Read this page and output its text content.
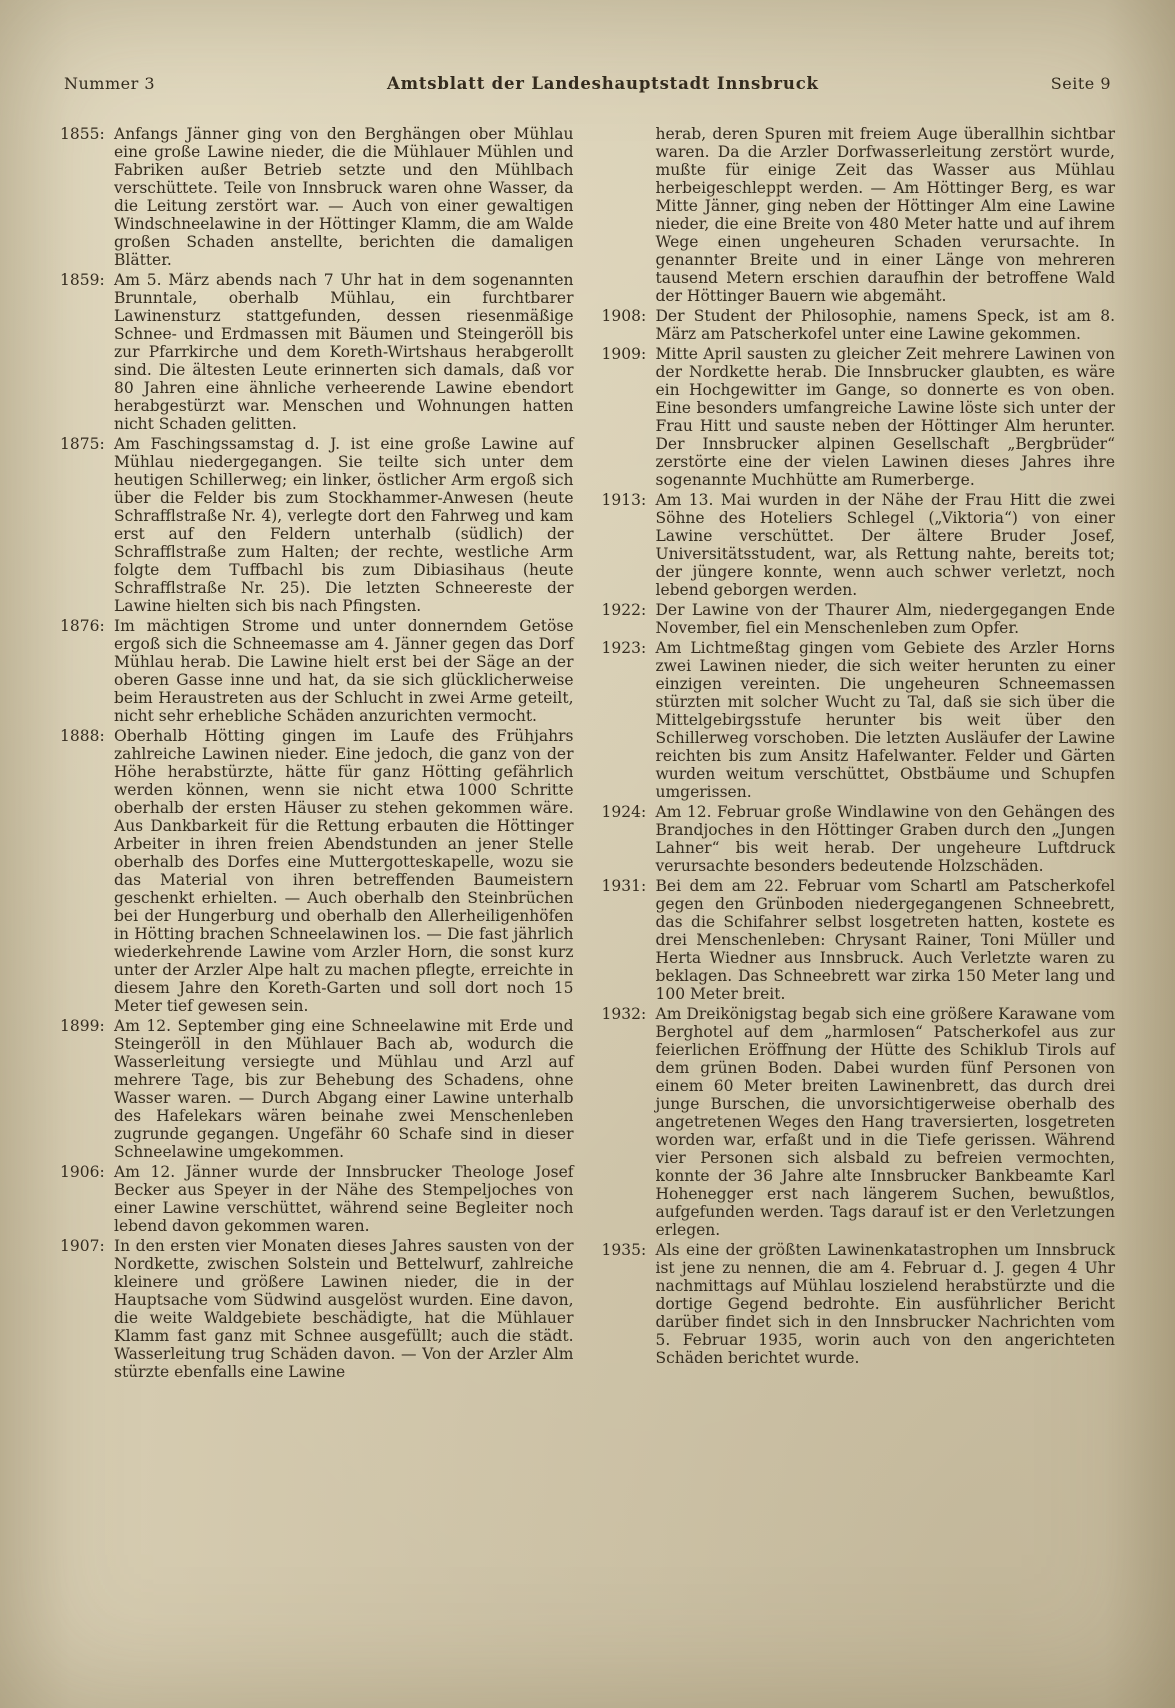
Nummer 3	Amtsblatt der Landeshauptstadt Innsbruck	Seite 9
1855: Anfangs Jänner ging von den Berghängen ober Mühlau eine große Lawine nieder, die die Mühlauer Mühlen und Fabriken außer Betrieb setzte und den Mühlbach verschüttete. Teile von Innsbruck waren ohne Wasser, da die Leitung zerstört war. — Auch von einer gewaltigen Windschneelawine in der Höttinger Klamm, die am Walde großen Schaden anstellte, berichten die damaligen Blätter.
1859: Am 5. März abends nach 7 Uhr hat in dem sogenannten Brunntale, oberhalb Mühlau, ein furchtbarer Lawinensturz stattgefunden, dessen riesenmäßige Schnee- und Erdmassen mit Bäumen und Steingeröll bis zur Pfarrkirche und dem Koreth-Wirtshaus herabgerollt sind. Die ältesten Leute erinnerten sich damals, daß vor 80 Jahren eine ähnliche verheerende Lawine ebendort herabgestürzt war. Menschen und Wohnungen hatten nicht Schaden gelitten.
1875: Am Faschingssamstag d. J. ist eine große Lawine auf Mühlau niedergegangen. Sie teilte sich unter dem heutigen Schillerweg; ein linker, östlicher Arm ergoß sich über die Felder bis zum Stockhammer-Anwesen (heute Schrafflstraße Nr. 4), verlegte dort den Fahrweg und kam erst auf den Feldern unterhalb (südlich) der Schrafflstraße zum Halten; der rechte, westliche Arm folgte dem Tuffbachl bis zum Dibiasihaus (heute Schrafflstraße Nr. 25). Die letzten Schneereste der Lawine hielten sich bis nach Pfingsten.
1876: Im mächtigen Strome und unter donnerndem Getöse ergoß sich die Schneemasse am 4. Jänner gegen das Dorf Mühlau herab. Die Lawine hielt erst bei der Säge an der oberen Gasse inne und hat, da sie sich glücklicherweise beim Heraustreten aus der Schlucht in zwei Arme geteilt, nicht sehr erhebliche Schäden anzurichten vermocht.
1888: Oberhalb Hötting gingen im Laufe des Frühjahrs zahlreiche Lawinen nieder. Eine jedoch, die ganz von der Höhe herabstürzte, hätte für ganz Hötting gefährlich werden können, wenn sie nicht etwa 1000 Schritte oberhalb der ersten Häuser zu stehen gekommen wäre. Aus Dankbarkeit für die Rettung erbauten die Höttinger Arbeiter in ihren freien Abendstunden an jener Stelle oberhalb des Dorfes eine Muttergotteskapelle, wozu sie das Material von ihren betreffenden Baumeistern geschenkt erhielten. — Auch oberhalb den Steinbrüchen bei der Hungerburg und oberhalb den Allerheiligenhöfen in Hötting brachen Schneelawinen los. — Die fast jährlich wiederkehrende Lawine vom Arzler Horn, die sonst kurz unter der Arzler Alpe halt zu machen pflegte, erreichte in diesem Jahre den Koreth-Garten und soll dort noch 15 Meter tief gewesen sein.
1899: Am 12. September ging eine Schneelawine mit Erde und Steingeröll in den Mühlauer Bach ab, wodurch die Wasserleitung versiegte und Mühlau und Arzl auf mehrere Tage, bis zur Behebung des Schadens, ohne Wasser waren. — Durch Abgang einer Lawine unterhalb des Hafelekars wären beinahe zwei Menschenleben zugrunde gegangen. Ungefähr 60 Schafe sind in dieser Schneelawine umgekommen.
1906: Am 12. Jänner wurde der Innsbrucker Theologe Josef Becker aus Speyer in der Nähe des Stempeljoches von einer Lawine verschüttet, während seine Begleiter noch lebend davon gekommen waren.
1907: In den ersten vier Monaten dieses Jahres sausten von der Nordkette, zwischen Solstein und Bettelwurf, zahlreiche kleinere und größere Lawinen nieder, die in der Hauptsache vom Südwind ausgelöst wurden. Eine davon, die weite Waldgebiete beschädigte, hat die Mühlauer Klamm fast ganz mit Schnee ausgefüllt; auch die städt. Wasserleitung trug Schäden davon. — Von der Arzler Alm stürzte ebenfalls eine Lawine
herab, deren Spuren mit freiem Auge überallhin sichtbar waren. Da die Arzler Dorfwasserleitung zerstört wurde, mußte für einige Zeit das Wasser aus Mühlau herbeigeschleppt werden. — Am Höttinger Berg, es war Mitte Jänner, ging neben der Höttinger Alm eine Lawine nieder, die eine Breite von 480 Meter hatte und auf ihrem Wege einen ungeheuren Schaden verursachte. In genannter Breite und in einer Länge von mehreren tausend Metern erschien daraufhin der betroffene Wald der Höttinger Bauern wie abgemäht.
1908: Der Student der Philosophie, namens Speck, ist am 8. März am Patscherkofel unter eine Lawine gekommen.
1909: Mitte April sausten zu gleicher Zeit mehrere Lawinen von der Nordkette herab. Die Innsbrucker glaubten, es wäre ein Hochgewitter im Gange, so donnerte es von oben. Eine besonders umfangreiche Lawine löste sich unter der Frau Hitt und sauste neben der Höttinger Alm herunter. Der Innsbrucker alpinen Gesellschaft „Bergbrüder“ zerstörte eine der vielen Lawinen dieses Jahres ihre sogenannte Muchhütte am Rumerberge.
1913: Am 13. Mai wurden in der Nähe der Frau Hitt die zwei Söhne des Hoteliers Schlegel („Viktoria“) von einer Lawine verschüttet. Der ältere Bruder Josef, Universitätsstudent, war, als Rettung nahte, bereits tot; der jüngere konnte, wenn auch schwer verletzt, noch lebend geborgen werden.
1922: Der Lawine von der Thaurer Alm, niedergegangen Ende November, fiel ein Menschenleben zum Opfer.
1923: Am Lichtmeßtag gingen vom Gebiete des Arzler Horns zwei Lawinen nieder, die sich weiter herunten zu einer einzigen vereinten. Die ungeheuren Schneemassen stürzten mit solcher Wucht zu Tal, daß sie sich über die Mittelgebirgsstufe herunter bis weit über den Schillerweg vorschoben. Die letzten Ausläufer der Lawine reichten bis zum Ansitz Hafelwanter. Felder und Gärten wurden weitum verschüttet, Obstbäume und Schupfen umgerissen.
1924: Am 12. Februar große Windlawine von den Gehängen des Brandjoches in den Höttinger Graben durch den „Jungen Lahner“ bis weit herab. Der ungeheure Luftdruck verursachte besonders bedeutende Holzschäden.
1931: Bei dem am 22. Februar vom Schartl am Patscherkofel gegen den Grünboden niedergegangenen Schneebrett, das die Schifahrer selbst losgetreten hatten, kostete es drei Menschenleben: Chrysant Rainer, Toni Müller und Herta Wiedner aus Innsbruck. Auch Verletzte waren zu beklagen. Das Schneebrett war zirka 150 Meter lang und 100 Meter breit.
1932: Am Dreikönigstag begab sich eine größere Karawane vom Berghotel auf dem „harmlosen“ Patscherkofel aus zur feierlichen Eröffnung der Hütte des Schiklub Tirols auf dem grünen Boden. Dabei wurden fünf Personen von einem 60 Meter breiten Lawinenbrett, das durch drei junge Burschen, die unvorsichtigerweise oberhalb des angetretenen Weges den Hang traversierten, losgetreten worden war, erfaßt und in die Tiefe gerissen. Während vier Personen sich alsbald zu befreien vermochten, konnte der 36 Jahre alte Innsbrucker Bankbeamte Karl Hohenegger erst nach längerem Suchen, bewußtlos, aufgefunden werden. Tags darauf ist er den Verletzungen erlegen.
1935: Als eine der größten Lawinenkatastrophen um Innsbruck ist jene zu nennen, die am 4. Februar d. J. gegen 4 Uhr nachmittags auf Mühlau loszielend herabstürzte und die dortige Gegend bedrohte. Ein ausführlicher Bericht darüber findet sich in den Innsbrucker Nachrichten vom 5. Februar 1935, worin auch von den angerichteten Schäden berichtet wurde.
